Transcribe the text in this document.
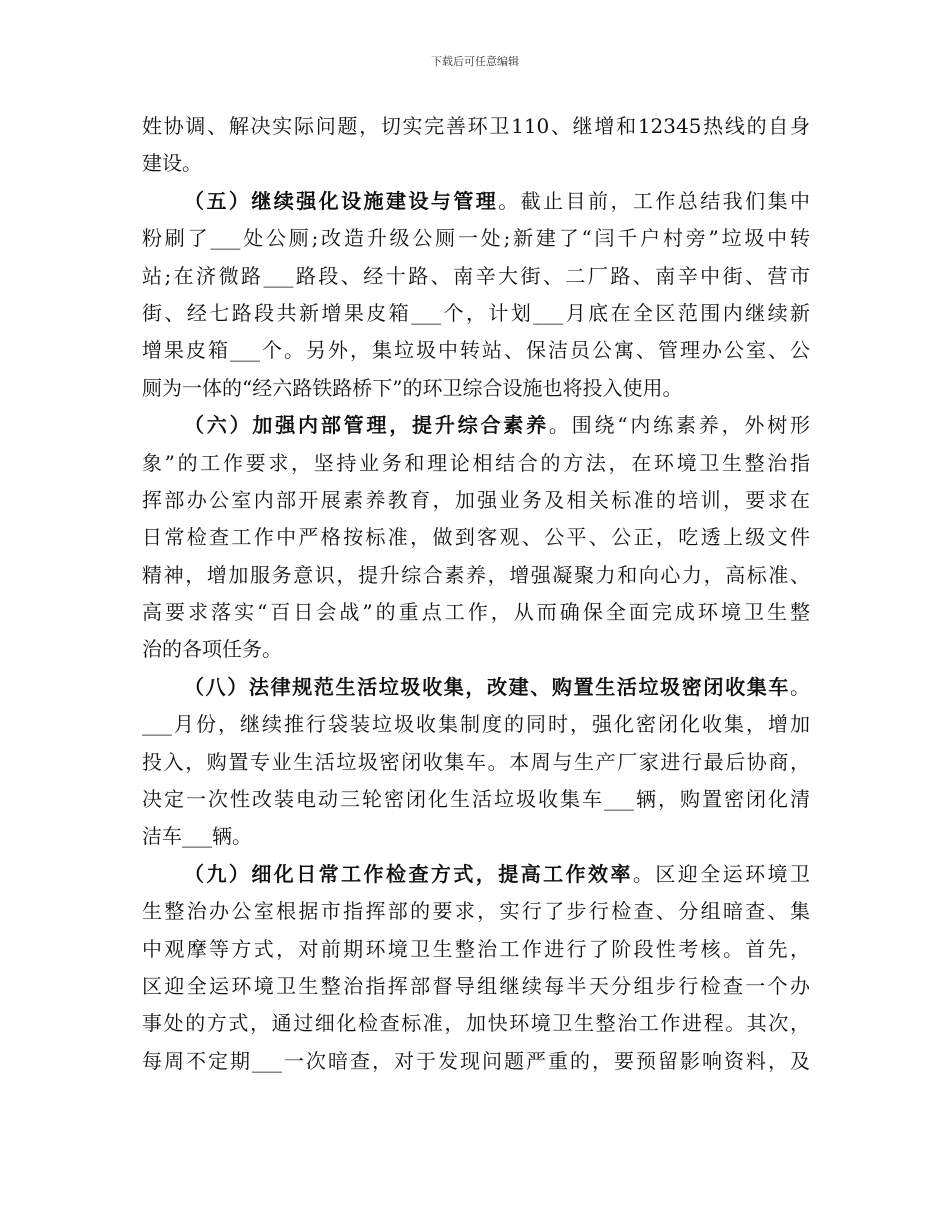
下载后可任意编辑
姓协调、解决实际问题，切实完善环卫110、继增和12345热线的自身
建设。
（五）继续强化设施建设与管理。截止目前，工作总结我们集中
粉刷了___处公厕;改造升级公厕一处;新建了“闫千户村旁”垃圾中转
站;在济微路___路段、经十路、南辛大街、二厂路、南辛中街、营市
街、经七路段共新增果皮箱___个，计划___月底在全区范围内继续新
增果皮箱___个。另外，集垃圾中转站、保洁员公寓、管理办公室、公
厕为一体的“经六路铁路桥下”的环卫综合设施也将投入使用。
（六）加强内部管理，提升综合素养。围绕“内练素养，外树形
象”的工作要求，坚持业务和理论相结合的方法，在环境卫生整治指
挥部办公室内部开展素养教育，加强业务及相关标准的培训，要求在
日常检查工作中严格按标准，做到客观、公平、公正，吃透上级文件
精神，增加服务意识，提升综合素养，增强凝聚力和向心力，高标准、
高要求落实“百日会战”的重点工作，从而确保全面完成环境卫生整
治的各项任务。
（八）法律规范生活垃圾收集，改建、购置生活垃圾密闭收集车。
___月份，继续推行袋装垃圾收集制度的同时，强化密闭化收集，增加
投入，购置专业生活垃圾密闭收集车。本周与生产厂家进行最后协商，
决定一次性改装电动三轮密闭化生活垃圾收集车___辆，购置密闭化清
洁车___辆。
（九）细化日常工作检查方式，提高工作效率。区迎全运环境卫
生整治办公室根据市指挥部的要求，实行了步行检查、分组暗查、集
中观摩等方式，对前期环境卫生整治工作进行了阶段性考核。首先，
区迎全运环境卫生整治指挥部督导组继续每半天分组步行检查一个办
事处的方式，通过细化检查标准，加快环境卫生整治工作进程。其次，
每周不定期___一次暗查，对于发现问题严重的，要预留影响资料，及
